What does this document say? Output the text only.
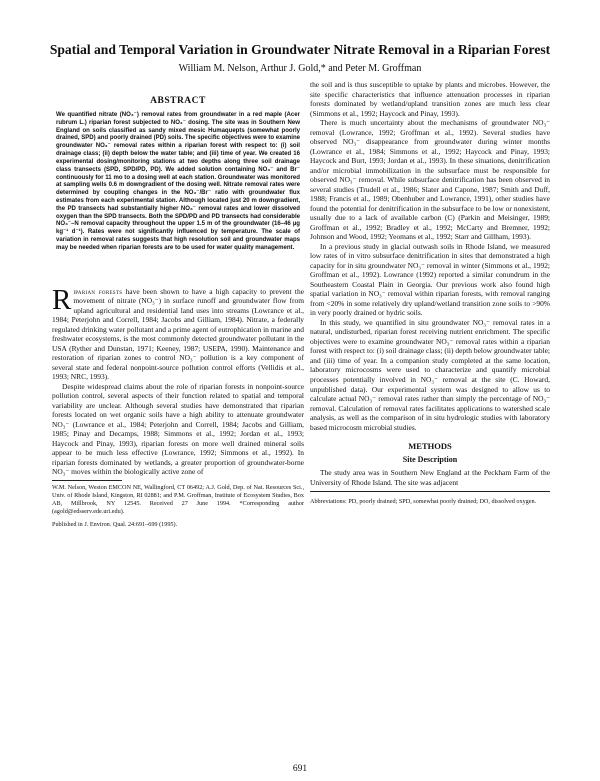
Spatial and Temporal Variation in Groundwater Nitrate Removal in a Riparian Forest
William M. Nelson, Arthur J. Gold,* and Peter M. Groffman
ABSTRACT

We quantified nitrate (NO₃⁻) removal rates from groundwater in a red maple (Acer rubrum L.) riparian forest subjected to NO₃⁻ dosing. The site was in Southern New England on soils classified as sandy mixed mesic Humaquepts (somewhat poorly drained, SPD) and poorly drained (PD) soils. The specific objectives were to examine groundwater NO₃⁻ removal rates within a riparian forest with respect to: (i) soil drainage class; (ii) depth below the water table; and (iii) time of year. We created 16 experimental dosing/monitoring stations at two depths along three soil drainage class transects (SPD, SPD/PD, PD). We added solution containing NO₃⁻ and Br⁻ continuously for 11 mo to a dosing well at each station. Groundwater was monitored at sampling wells 0.6 m downgradient of the dosing well. Nitrate removal rates were determined by coupling changes in the NO₃⁻/Br⁻ ratio with groundwater flux estimates from each experimental station. Although located just 20 m downgradient, the PD transects had substantially higher NO₃⁻ removal rates and lower dissolved oxygen than the SPD transects. Both the SPD/PD and PD transects had considerable NO₃⁻–N removal capacity throughout the upper 1.5 m of the groundwater (16–46 µg kg⁻¹ d⁻¹). Rates were not significantly influenced by temperature. The scale of variation in removal rates suggests that high resolution soil and groundwater maps may be needed when riparian forests are to be used for water quality management.

Riparian forests have been shown to have a high capacity to prevent the movement of nitrate (NO₃⁻) in surface runoff and groundwater flow from upland agricultural and residential land uses into streams (Lowrance et al., 1984; Peterjohn and Correll, 1984; Jacobs and Gilliam, 1984). Nitrate, a federally regulated drinking water pollutant and a prime agent of eutrophication in marine and freshwater ecosystems, is the most commonly detected groundwater pollutant in the USA (Ryther and Dunstan, 1971; Keeney, 1987; USEPA, 1990). Maintenance and restoration of riparian zones to control NO₃⁻ pollution is a key component of several state and federal nonpoint-source pollution control efforts (Vellidis et al., 1993; NRC, 1993).

Despite widespread claims about the role of riparian forests in nonpoint-source pollution control, several aspects of their function related to spatial and temporal variability are unclear. Although several studies have demonstrated that riparian forests located on wet organic soils have a high ability to attenuate groundwater NO₃⁻ (Lowrance et al., 1984; Peterjohn and Correll, 1984; Jacobs and Gilliam, 1985; Pinay and Decamps, 1988; Simmons et al., 1992; Jordan et al., 1993; Haycock and Pinay, 1993), riparian forests on more well drained mineral soils appear to be much less effective (Lowrance, 1992; Simmons et al., 1992). In riparian forests dominated by wetlands, a greater proportion of groundwater-borne NO₃⁻ moves within the biologically active zone of

W.M. Nelson, Weston EMCON NE, Wallingford, CT 06492; A.J. Gold, Dep. of Nat. Resources Sci., Univ. of Rhode Island, Kingston, RI 02881; and P.M. Groffman, Institute of Ecosystem Studies, Box AB, Millbrook, NY 12545. Received 27 June 1994. *Corresponding author (agold@edsserv.ede.uri.edu).

Published in J. Environ. Qual. 24:691–699 (1995).

the soil and is thus susceptible to uptake by plants and microbes. However, the site specific characteristics that influence attenuation processes in riparian forests dominated by wetland/upland transition zones are much less clear (Simmons et al., 1992; Haycock and Pinay, 1993).

There is much uncertainty about the mechanisms of groundwater NO₃⁻ removal (Lowrance, 1992; Groffman et al., 1992). Several studies have observed NO₃⁻ disappearance from groundwater during winter months (Lowrance et al., 1984; Simmons et al., 1992; Haycock and Pinay, 1993; Haycock and Burt, 1993; Jordan et al., 1993). In these situations, denitrification and/or microbial immobilization in the subsurface must be responsible for observed NO₃⁻ removal. While subsurface denitrification has been observed in several studies (Trudell et al., 1986; Slater and Capone, 1987; Smith and Duff, 1988; Francis et al., 1989; Obenhuber and Lowrance, 1991), other studies have found the potential for denitrification in the subsurface to be low or nonexistent, usually due to a lack of available carbon (C) (Parkin and Meisinger, 1989; Groffman et al., 1992; Bradley et al., 1992; McCarty and Bremner, 1992; Johnson and Wood, 1992; Yeomans et al., 1992; Starr and Gillham, 1993).

In a previous study in glacial outwash soils in Rhode Island, we measured low rates of in vitro subsurface denitrification in sites that demonstrated a high capacity for in situ groundwater NO₃⁻ removal in winter (Simmons et al., 1992; Groffman et al., 1992). Lowrance (1992) reported a similar conundrum in the Southeastern Coastal Plain in Georgia. Our previous work also found high spatial variation in NO₃⁻ removal within riparian forests, with removal ranging from <20% in some relatively dry upland/wetland transition zone soils to >90% in very poorly drained or hydric soils.

In this study, we quantified in situ groundwater NO₃⁻ removal rates in a natural, undisturbed, riparian forest receiving nutrient enrichment. The specific objectives were to examine groundwater NO₃⁻ removal rates within a riparian forest with respect to: (i) soil drainage class; (ii) depth below groundwater table; and (iii) time of year. In a companion study completed at the same location, laboratory microcosms were used to characterize and quantify microbial processes potentially involved in NO₃⁻ removal at the site (C. Howard, unpublished data). Our experimental system was designed to allow us to calculate actual NO₃⁻ removal rates rather than simply the percentage of NO₃⁻ removal. Calculation of removal rates facilitates applications to watershed scale analysis, as well as the comparison of in situ hydrologic studies with laboratory based microcosm microbial studies.

METHODS
Site Description

The study area was in Southern New England at the Peckham Farm of the University of Rhode Island. The site was adjacent

Abbreviations: PD, poorly drained; SPD, somewhat poorly drained; DO, dissolved oxygen.

691
